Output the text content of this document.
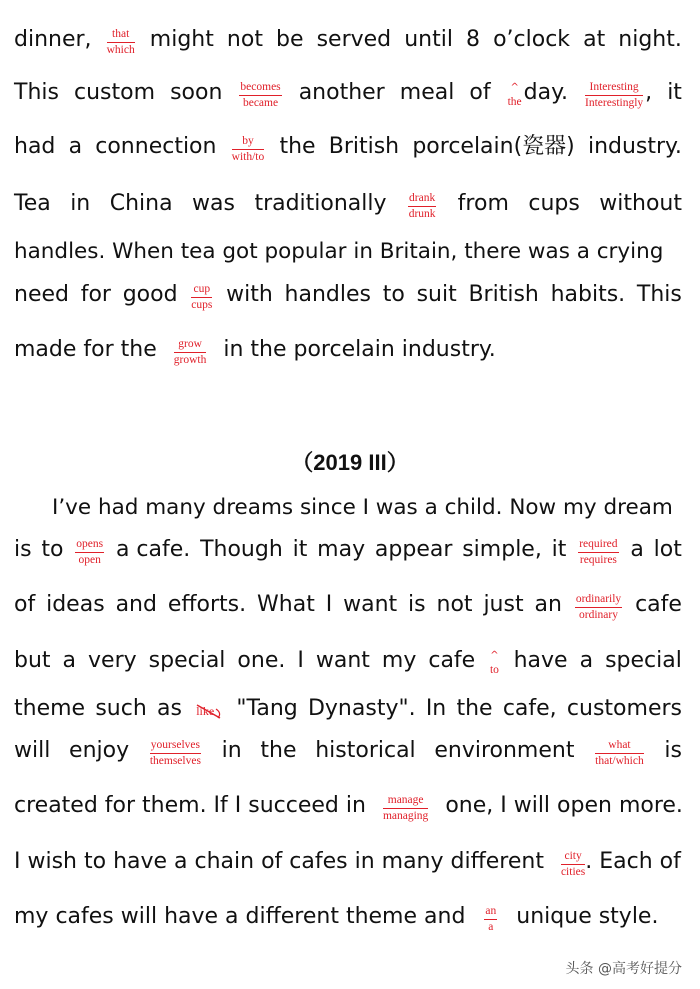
dinner, that
which might not be served until 8 o’clock at night.
This custom soon becomes
became another meal of ^
the day. Interesting
Interestingly , it
had a connection by
with/to the British porcelain(瓷器) industry.
Tea in China was traditionally drank
drunk from cups without
handles. When tea got popular in Britain, there was a crying
need for good cup
cups with handles to suit British habits. This
made for the grow
growth in the porcelain industry.
（2019 III）
I’ve had many dreams since I was a child. Now my dream
is to opens
open a cafe. Though it may appear simple, it required
requires a lot
of ideas and efforts. What I want is not just an ordinarily
ordinary cafe
but a very special one. I want my cafe ^
to have a special
theme such as like "Tang Dynasty". In the cafe, customers
will enjoy yourselves
themselves in the historical environment	what
that/which is
created for them. If I succeed in manage
managing one, I will open more.
I wish to have a chain of cafes in many different city
cities . Each of
my cafes will have a different theme and $\frac{an}{a}$ unique style.
头条 @高考好提分
